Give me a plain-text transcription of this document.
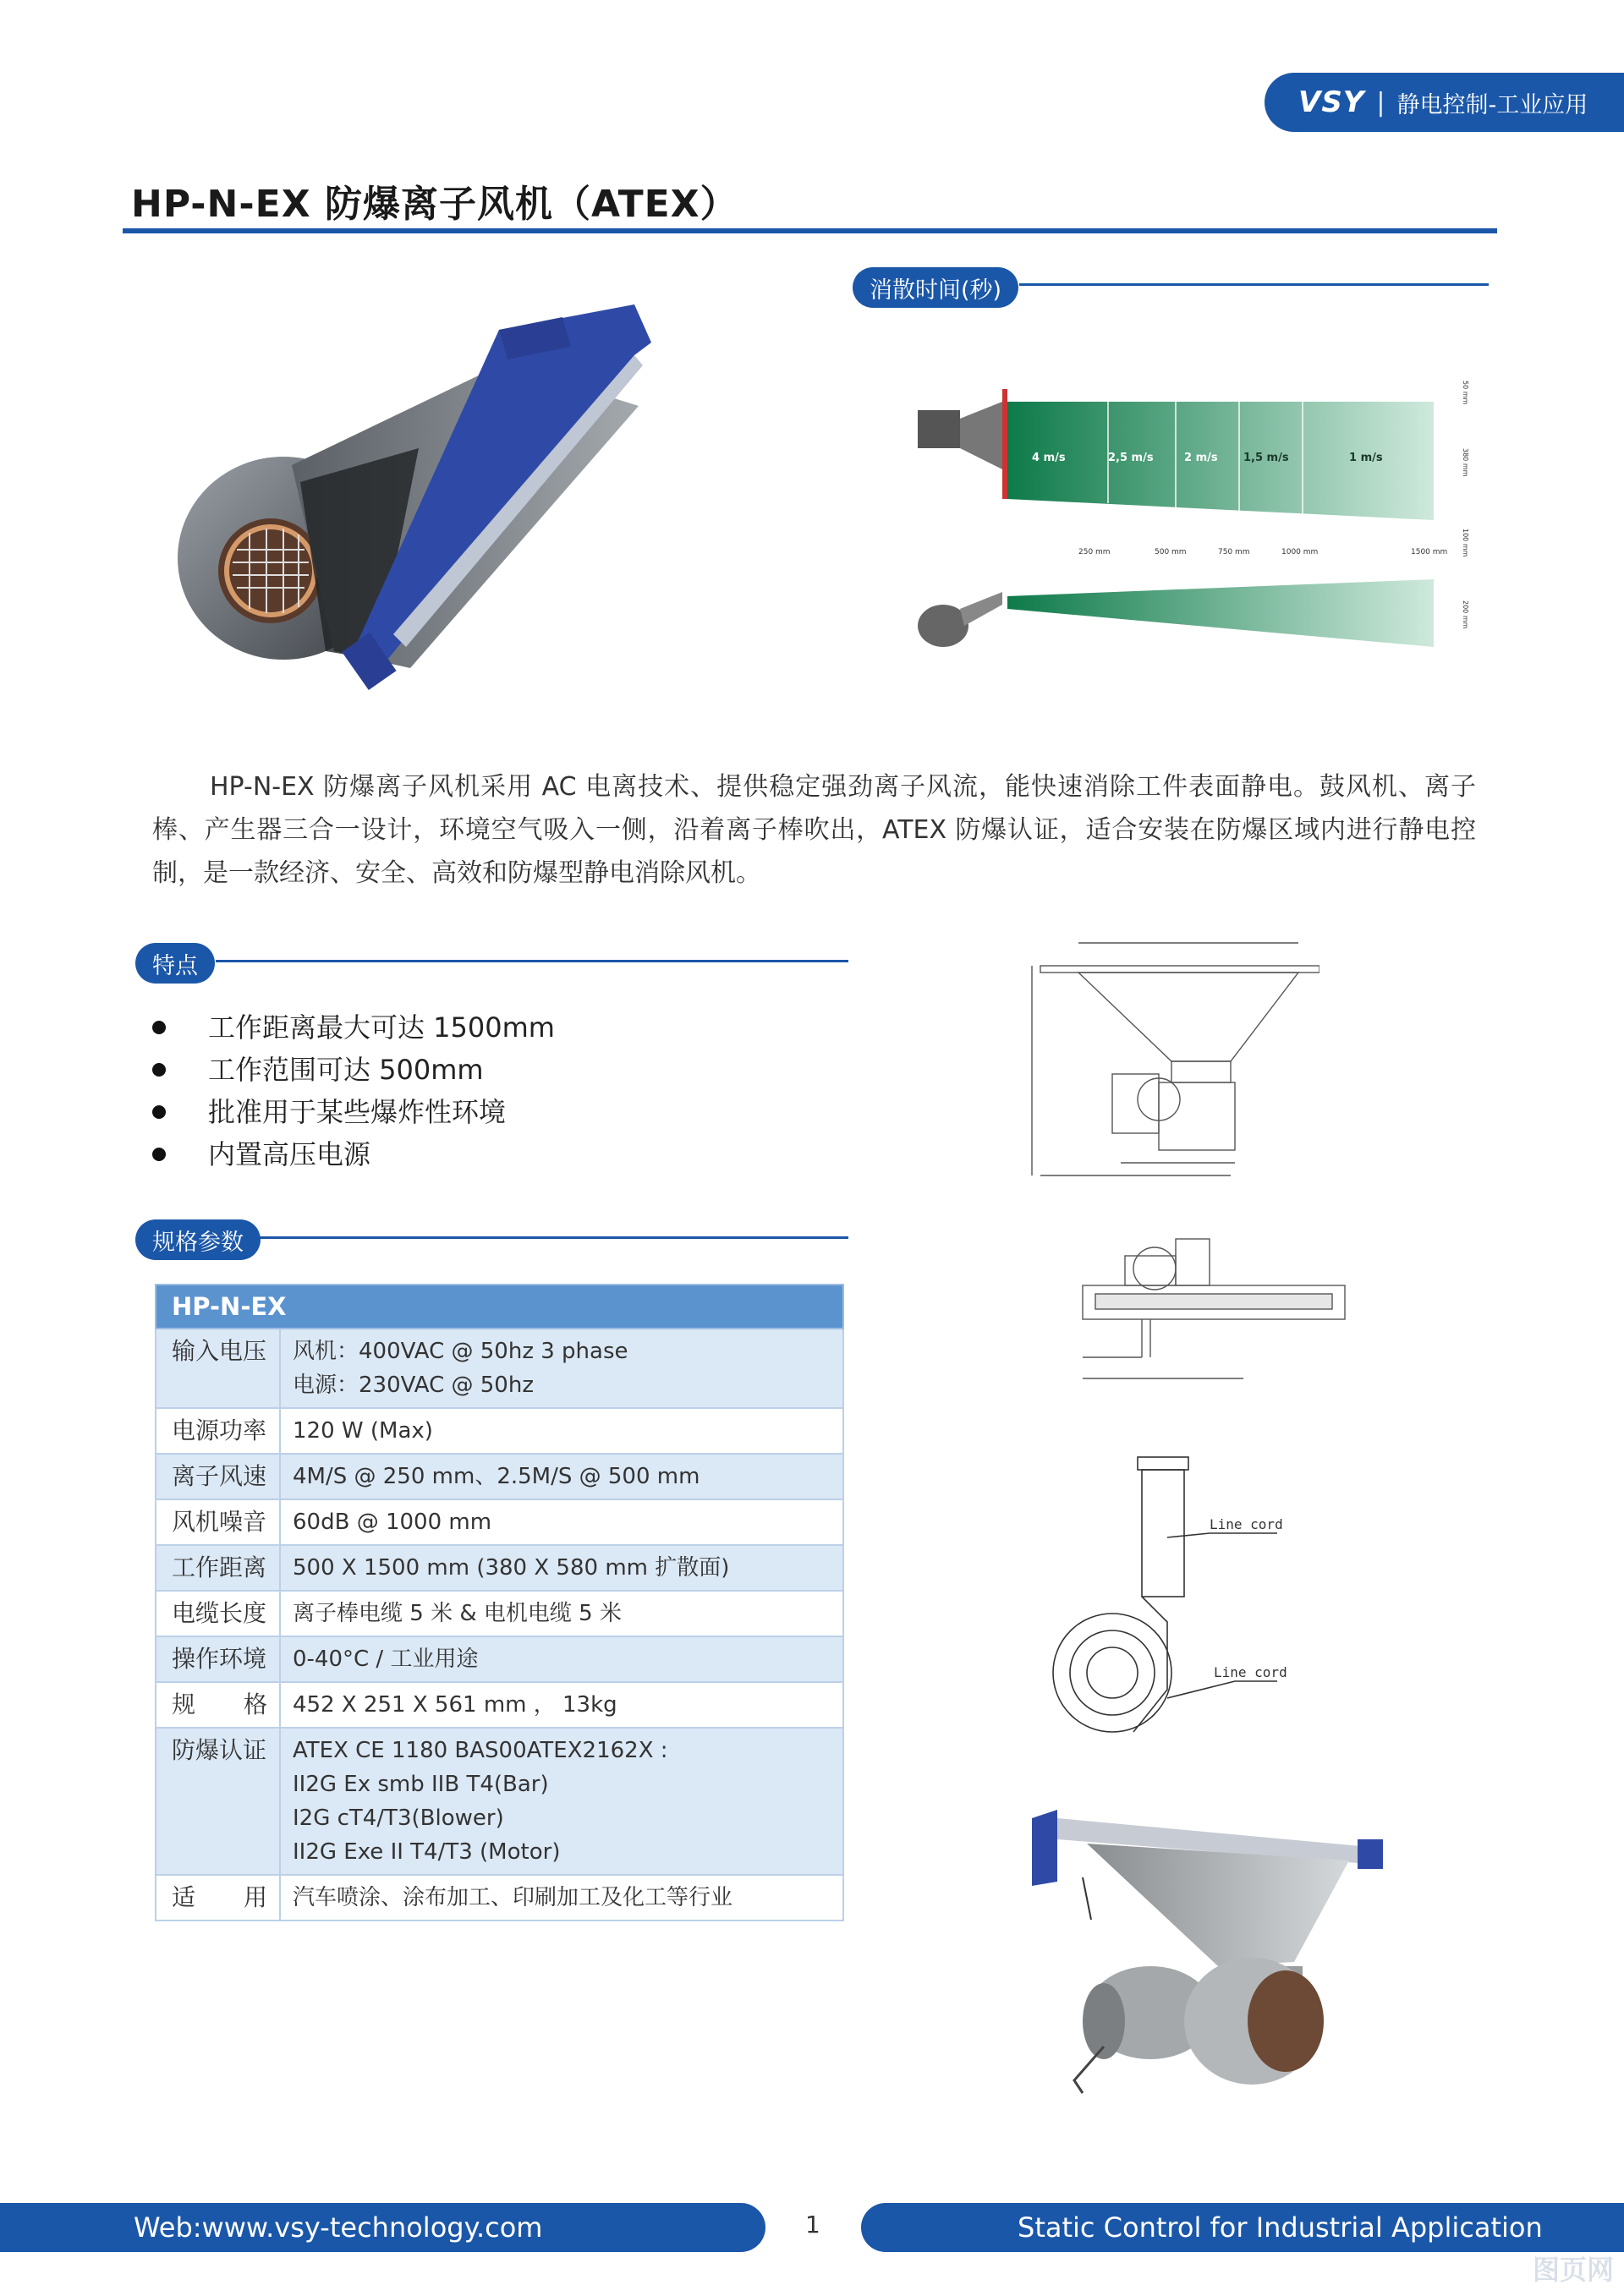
VSY | 静电控制-工业应用
HP-N-EX 防爆离子风机（ATEX）
消散时间(秒)
4 m/s	2,5 m/s	2 m/s 1,5 m/s	1 m/s
250 mm	500 mm	750 mm	1000 mm	1500 mm
50 mm
380 mm
100 mm
200 mm

HP-N-EX 防爆离子风机采用 AC 电离技术、提供稳定强劲离子风流，能快速消除工件表面静电。鼓风机、离子棒、产生器三合一设计，环境空气吸入一侧，沿着离子棒吹出，ATEX 防爆认证，适合安装在防爆区域内进行静电控制，是一款经济、安全、高效和防爆型静电消除风机。

特点
工作距离最大可达 1500mm
工作范围可达 500mm
批准用于某些爆炸性环境
内置高压电源
规格参数
HP-N-EX	
输入电压	风机：400VAC @ 50hz 3 phase
电源：230VAC @ 50hz

电源功率	120 W (Max)

离子风速	4M/S @ 250 mm、2.5M/S @ 500 mm

风机噪音	60dB @ 1000 mm

工作距离	500 X 1500 mm (380 X 580 mm 扩散面)

电缆长度	离子棒电缆 5 米 & 电机电缆 5 米

操作环境	0-40°C / 工业用途

规 格	452 X 251 X 561 mm ， 13kg

防爆认证	ATEX CE 1180 BAS00ATEX2162X :
II2G Ex smb IIB T4(Bar)
I2G cT4/T3(Blower)
II2G Exe II T4/T3 (Motor)

适 用	汽车喷涂、涂布加工、印刷加工及化工等行业
Line cord
Line cord
Web:www.vsy-technology.com	1	Static Control for Industrial Application
图页网
